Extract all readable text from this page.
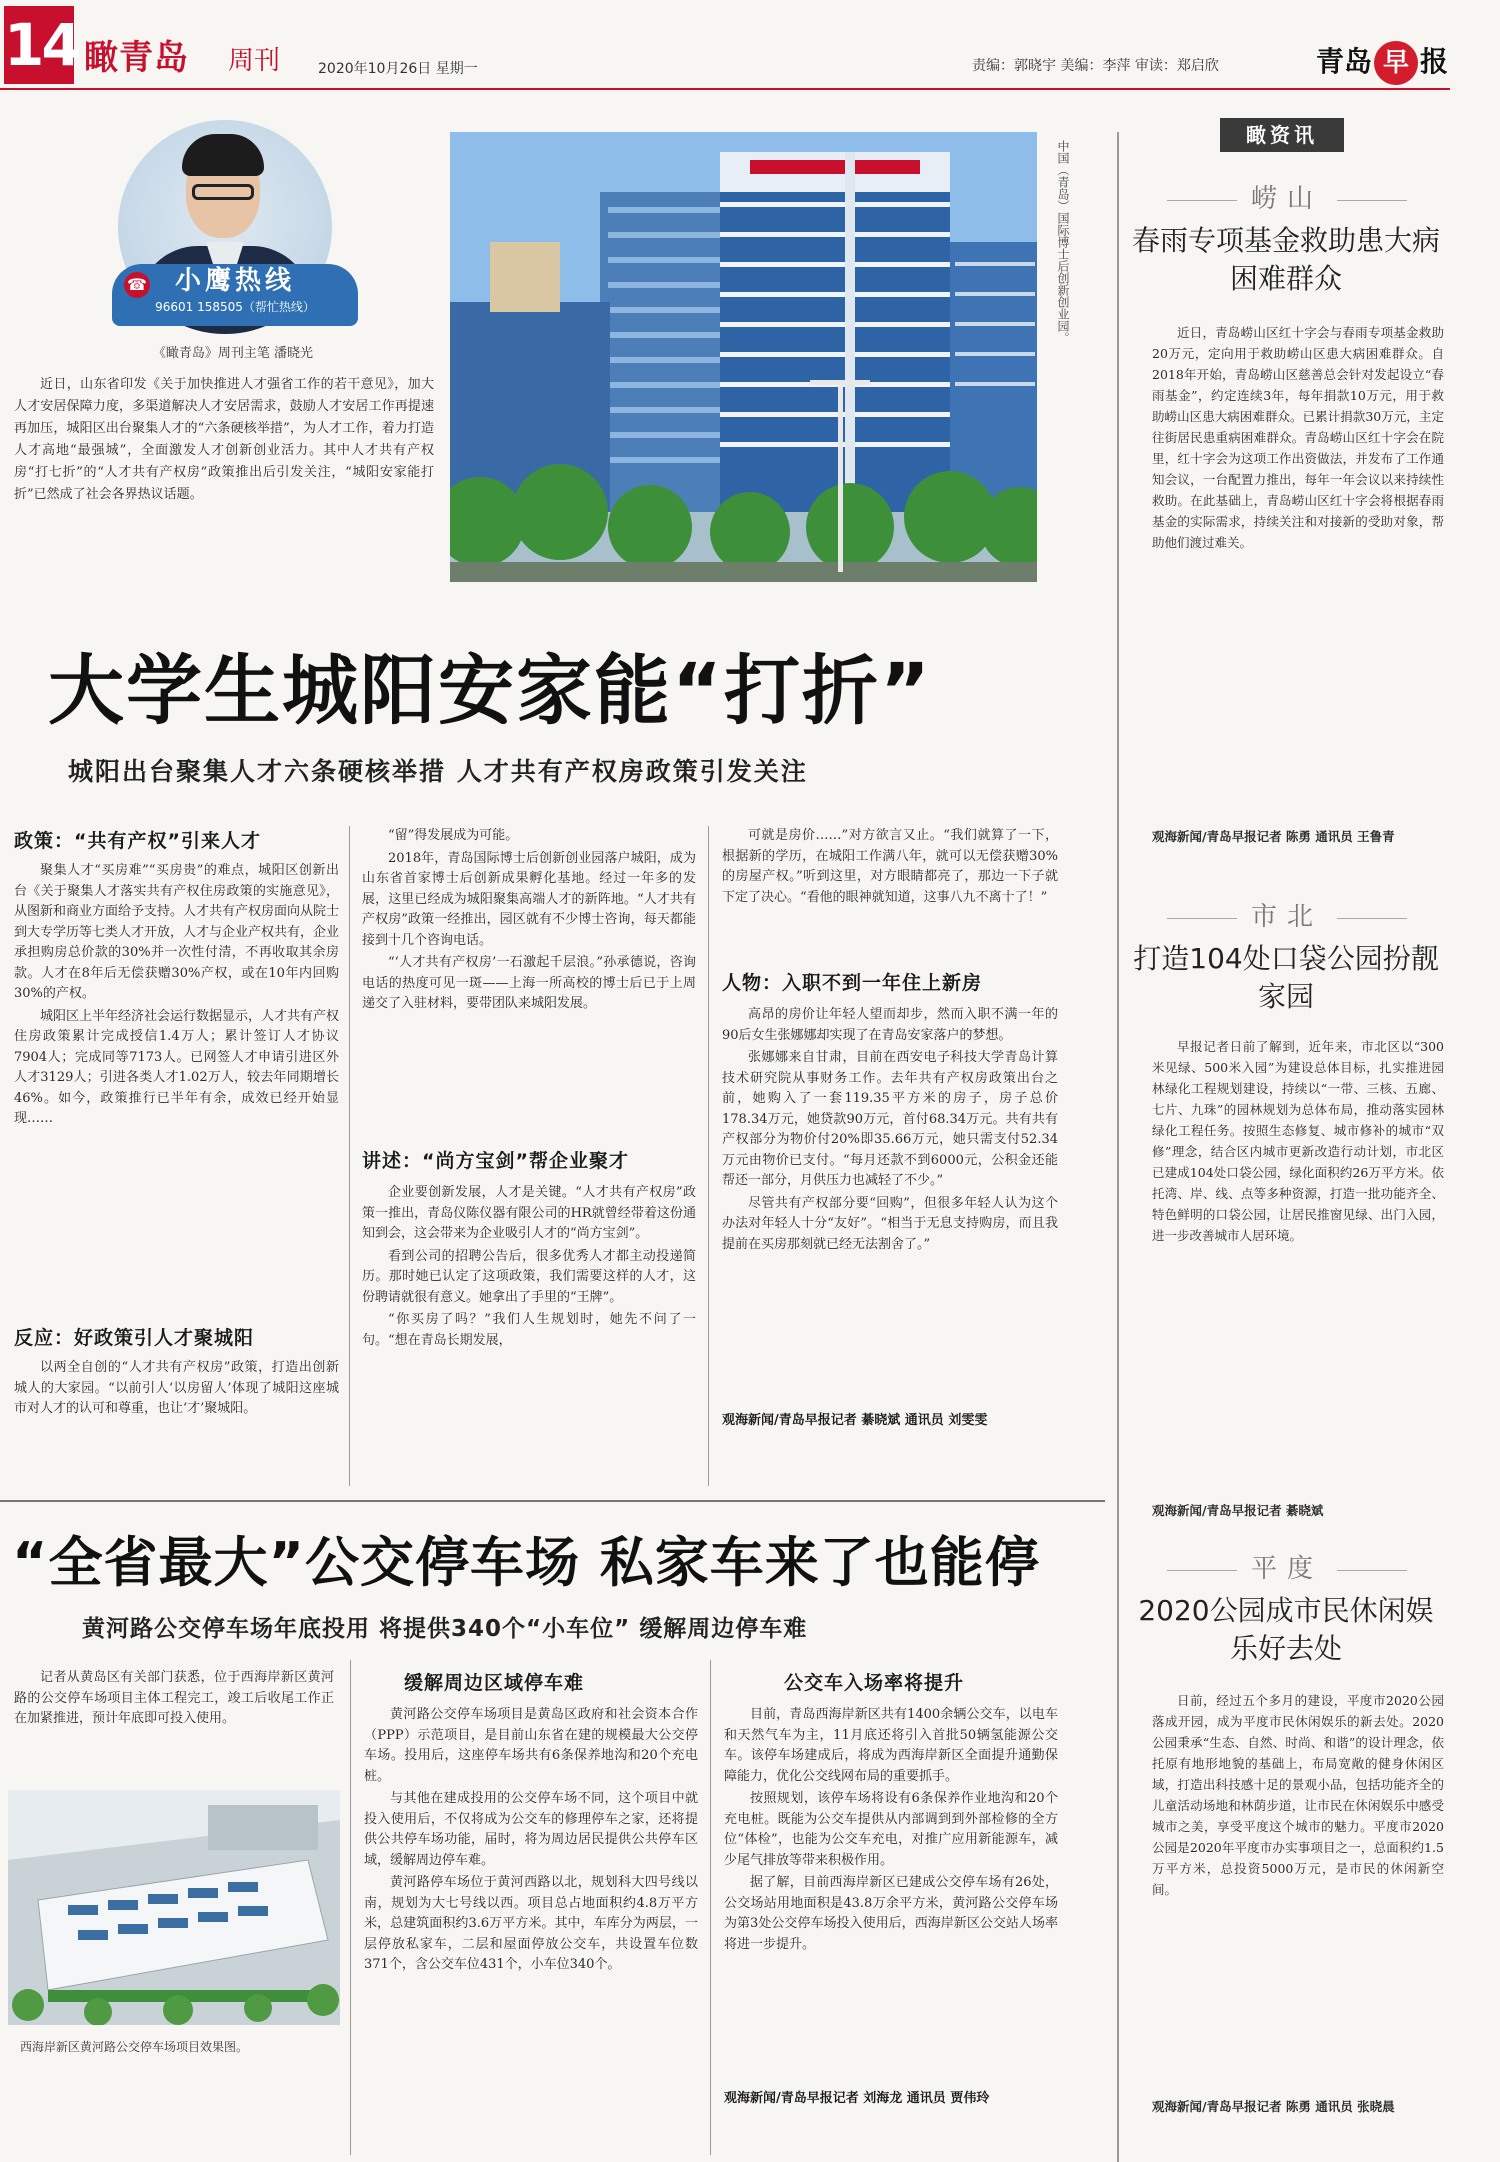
14 瞰青岛 周刊	2020年10月26日 星期一	责编：郭晓宇 美编：李萍 审读：郑启欣	青岛 早 报
小鹰热线
96601 158505（帮忙热线）
☎
《瞰青岛》周刊主笔 潘晓光

近日，山东省印发《关于加快推进人才强省工作的若干意见》，加大人才安居保障力度，多渠道解决人才安居需求，鼓励人才安居工作再提速再加压，城阳区出台聚集人才的“六条硬核举措”，为人才工作，着力打造人才高地“最强城”，全面激发人才创新创业活力。其中人才共有产权房“打七折”的“人才共有产权房”政策推出后引发关注，“城阳安家能打折”已然成了社会各界热议话题。

中国（青岛）国际博士后创新创业园。
大学生城阳安家能“打折”
城阳出台聚集人才六条硬核举措 人才共有产权房政策引发关注
政策：“共有产权”引来人才

聚集人才“买房难”“买房贵”的难点，城阳区创新出台《关于聚集人才落实共有产权住房政策的实施意见》，从图新和商业方面给予支持。人才共有产权房面向从院士到大专学历等七类人才开放，人才与企业产权共有，企业承担购房总价款的30%并一次性付清，不再收取其余房款。人才在8年后无偿获赠30%产权，或在10年内回购30%的产权。

城阳区上半年经济社会运行数据显示，人才共有产权住房政策累计完成授信1.4万人；累计签订人才协议7904人；完成同等7173人。已网签人才申请引进区外人才3129人；引进各类人才1.02万人，较去年同期增长46%。如今，政策推行已半年有余，成效已经开始显现……

反应：好政策引人才聚城阳

以两全自创的“人才共有产权房”政策，打造出创新城人的大家园。“以前引人‘以房留人’体现了城阳这座城市对人才的认可和尊重，也让‘才’聚城阳。

“留”得发展成为可能。

2018年，青岛国际博士后创新创业园落户城阳，成为山东省首家博士后创新成果孵化基地。经过一年多的发展，这里已经成为城阳聚集高端人才的新阵地。“人才共有产权房”政策一经推出，园区就有不少博士咨询，每天都能接到十几个咨询电话。

“‘人才共有产权房’一石激起千层浪。”孙承德说，咨询电话的热度可见一斑——上海一所高校的博士后已于上周递交了入驻材料，要带团队来城阳发展。

讲述：“尚方宝剑”帮企业聚才

企业要创新发展，人才是关键。“人才共有产权房”政策一推出，青岛仪陈仪器有限公司的HR就曾经带着这份通知到会，这会带来为企业吸引人才的“尚方宝剑”。

看到公司的招聘公告后，很多优秀人才都主动投递简历。那时她已认定了这项政策，我们需要这样的人才，这份聘请就很有意义。她拿出了手里的“王牌”。

“你买房了吗？”我们人生规划时，她先不问了一句。“想在青岛长期发展，

可就是房价……”对方欲言又止。“我们就算了一下，根据新的学历，在城阳工作满八年，就可以无偿获赠30%的房屋产权。”听到这里，对方眼睛都亮了，那边一下子就下定了决心。“看他的眼神就知道，这事八九不离十了！”

人物：入职不到一年住上新房

高昂的房价让年轻人望而却步，然而入职不满一年的90后女生张娜娜却实现了在青岛安家落户的梦想。

张娜娜来自甘肃，目前在西安电子科技大学青岛计算技术研究院从事财务工作。去年共有产权房政策出台之前，她购入了一套119.35平方米的房子，房子总价178.34万元，她贷款90万元，首付68.34万元。共有共有产权部分为物价付20%即35.66万元，她只需支付52.34万元由物价已支付。“每月还款不到6000元，公积金还能帮还一部分，月供压力也减轻了不少。”

尽管共有产权部分要“回购”，但很多年轻人认为这个办法对年轻人十分“友好”。“相当于无息支持购房，而且我提前在买房那刻就已经无法割舍了。”

观海新闻/青岛早报记者 綦晓斌 通讯员 刘雯雯
“全省最大”公交停车场 私家车来了也能停
黄河路公交停车场年底投用 将提供340个“小车位” 缓解周边停车难

记者从黄岛区有关部门获悉，位于西海岸新区黄河路的公交停车场项目主体工程完工，竣工后收尾工作正在加紧推进，预计年底即可投入使用。

西海岸新区黄河路公交停车场项目效果图。
缓解周边区域停车难

黄河路公交停车场项目是黄岛区政府和社会资本合作（PPP）示范项目，是目前山东省在建的规模最大公交停车场。投用后，这座停车场共有6条保养地沟和20个充电桩。

与其他在建成投用的公交停车场不同，这个项目中就投入使用后，不仅将成为公交车的修理停车之家，还将提供公共停车场功能，届时，将为周边居民提供公共停车区域，缓解周边停车难。

黄河路停车场位于黄河西路以北，规划科大四号线以南，规划为大七号线以西。项目总占地面积约4.8万平方米，总建筑面积约3.6万平方米。其中，车库分为两层，一层停放私家车，二层和屋面停放公交车，共设置车位数371个，含公交车位431个，小车位340个。

公交车入场率将提升

目前，青岛西海岸新区共有1400余辆公交车，以电车和天然气车为主，11月底还将引入首批50辆氢能源公交车。该停车场建成后，将成为西海岸新区全面提升通勤保障能力，优化公交线网布局的重要抓手。

按照规划，该停车场将设有6条保养作业地沟和20个充电桩。既能为公交车提供从内部调到到外部检修的全方位“体检”，也能为公交车充电，对推广应用新能源车，减少尾气排放等带来积极作用。

据了解，目前西海岸新区已建成公交停车场有26处，公交场站用地面积是43.8万余平方米，黄河路公交停车场为第3处公交停车场投入使用后，西海岸新区公交站人场率将进一步提升。

观海新闻/青岛早报记者 刘海龙 通讯员 贾伟玲
瞰资讯
崂山
春雨专项基金救助患大病困难群众

近日，青岛崂山区红十字会与春雨专项基金救助20万元，定向用于救助崂山区患大病困难群众。自2018年开始，青岛崂山区慈善总会针对发起设立“春雨基金”，约定连续3年，每年捐款10万元，用于救助崂山区患大病困难群众。已累计捐款30万元，主定往街居民患重病困难群众。青岛崂山区红十字会在院里，红十字会为这项工作出资做法，并发布了工作通知会议，一台配置力推出，每年一年会议以来持续性救助。在此基础上，青岛崂山区红十字会将根据春雨基金的实际需求，持续关注和对接新的受助对象，帮助他们渡过难关。

观海新闻/青岛早报记者 陈勇 通讯员 王鲁青
市北
打造104处口袋公园扮靓家园

早报记者日前了解到，近年来，市北区以“300米见绿、500米入园”为建设总体目标，扎实推进园林绿化工程规划建设，持续以“一带、三核、五廊、七片、九珠”的园林规划为总体布局，推动落实园林绿化工程任务。按照生态修复、城市修补的城市“双修”理念，结合区内城市更新改造行动计划，市北区已建成104处口袋公园，绿化面积约26万平方米。依托湾、岸、线、点等多种资源，打造一批功能齐全、特色鲜明的口袋公园，让居民推窗见绿、出门入园，进一步改善城市人居环境。

观海新闻/青岛早报记者 綦晓斌
平度
2020公园成市民休闲娱乐好去处

日前，经过五个多月的建设，平度市2020公园落成开园，成为平度市民休闲娱乐的新去处。2020公园秉承“生态、自然、时尚、和谐”的设计理念，依托原有地形地貌的基础上，布局宽敞的健身休闲区域，打造出科技感十足的景观小品，包括功能齐全的儿童活动场地和林荫步道，让市民在休闲娱乐中感受城市之美，享受平度这个城市的魅力。平度市2020公园是2020年平度市办实事项目之一，总面积约1.5万平方米，总投资5000万元，是市民的休闲新空间。

观海新闻/青岛早报记者 陈勇 通讯员 张晓晨
